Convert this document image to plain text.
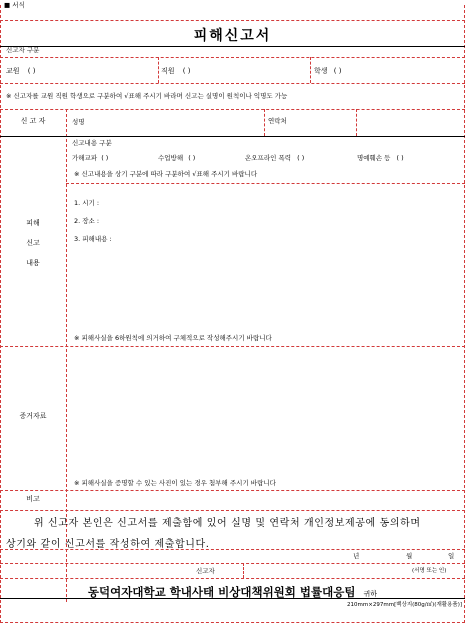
■ 서식
피해신고서
신고자 구분
교원 ( )	직원 ( )	학생 ( )
※ 신고자를 교원 직원 학생으로 구분하여 √표해 주시기 바라며 신고는 실명이 원칙이나 익명도 가능
신 고 자	성명	연락처
피해
신고
내용
신고내용 구분
가해교파 ( )	수업방해 ( )	온오프라인 폭력 ( )	명예훼손 등 ( )
※ 신고내용을 상기 구분에 따라 구분하여 √표해 주시기 바랍니다
1. 시기 :
2. 장소 :
3. 피해내용 :
※ 피해사실을 6하원칙에 의거하여 구체적으로 작성해주시기 바랍니다
증거자료
※ 피해사실을 증명할 수 있는 사진이 있는 경우 첨부해 주시기 바랍니다
비고
위 신고자 본인은 신고서를 제출함에 있어 실명 및 연락처 개인정보제공에 동의하며
상기와 같이 신고서를 작성하여 제출합니다.
년	월	일
신고자	(서명 또는 인)
동덕여자대학교 학내사태 비상대책위원회 법률대응팀 귀하
210mm×297mm[백상지(80g/㎡)(재활용품)]
